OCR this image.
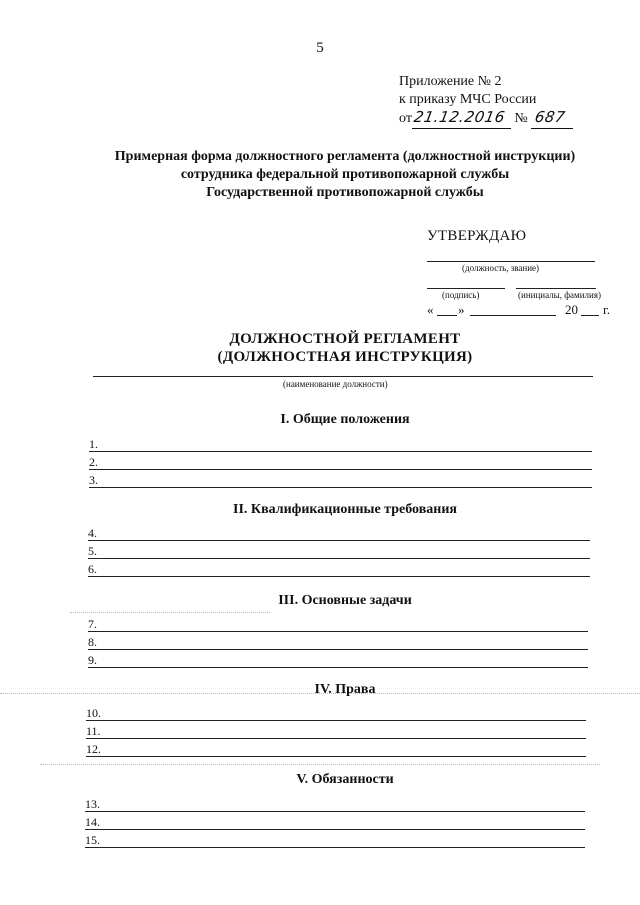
5
Приложение № 2
к приказу МЧС России
от21.12.2016 № 687
Примерная форма должностного регламента (должностной инструкции)
сотрудника федеральной противопожарной службы
Государственной противопожарной службы
УТВЕРЖДАЮ
(должность, звание)
(подпись)	(инициалы, фамилия)
« »	20 г.
ДОЛЖНОСТНОЙ РЕГЛАМЕНТ
(ДОЛЖНОСТНАЯ ИНСТРУКЦИЯ)
(наименование должности)
I. Общие положения
1.
2.
3.
II. Квалификационные требования
4.
5.
6.
III. Основные задачи
7.
8.
9.
IV. Права
10.
11.
12.
V. Обязанности
13.
14.
15.
